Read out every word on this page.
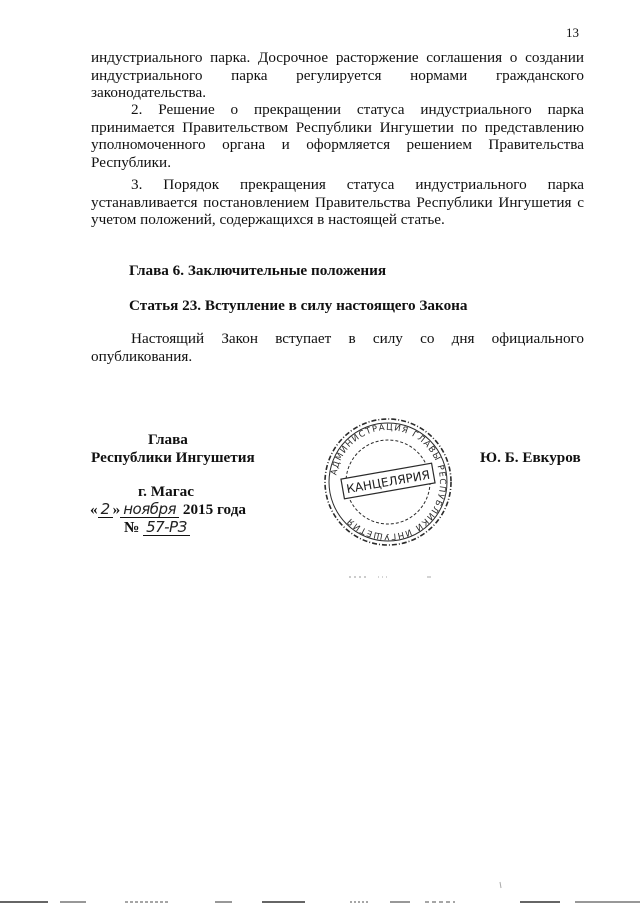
13
индустриального парка. Досрочное расторжение соглашения о создании
индустриального парка регулируется нормами гражданского
законодательства.
2. Решение о прекращении статуса индустриального парка
принимается Правительством Республики Ингушетии по представлению
уполномоченного органа и оформляется решением Правительства
Республики.
3. Порядок прекращения статуса индустриального парка
устанавливается постановлением Правительства Республики Ингушетия с
учетом положений, содержащихся в настоящей статье.
Глава 6. Заключительные положения
Статья 23. Вступление в силу настоящего Закона
Настоящий Закон вступает в силу со дня официального
опубликования.
Глава
Республики Ингушетия	Ю. Б. Евкуров
г. Магас
« 2 » ноября 2015 года
№ 57-РЗ
АДМИНИСТРАЦИЯ ГЛАВЫ РЕСПУБЛИКИ ИНГУШЕТИЯ
КАНЦЕЛЯРИЯ
